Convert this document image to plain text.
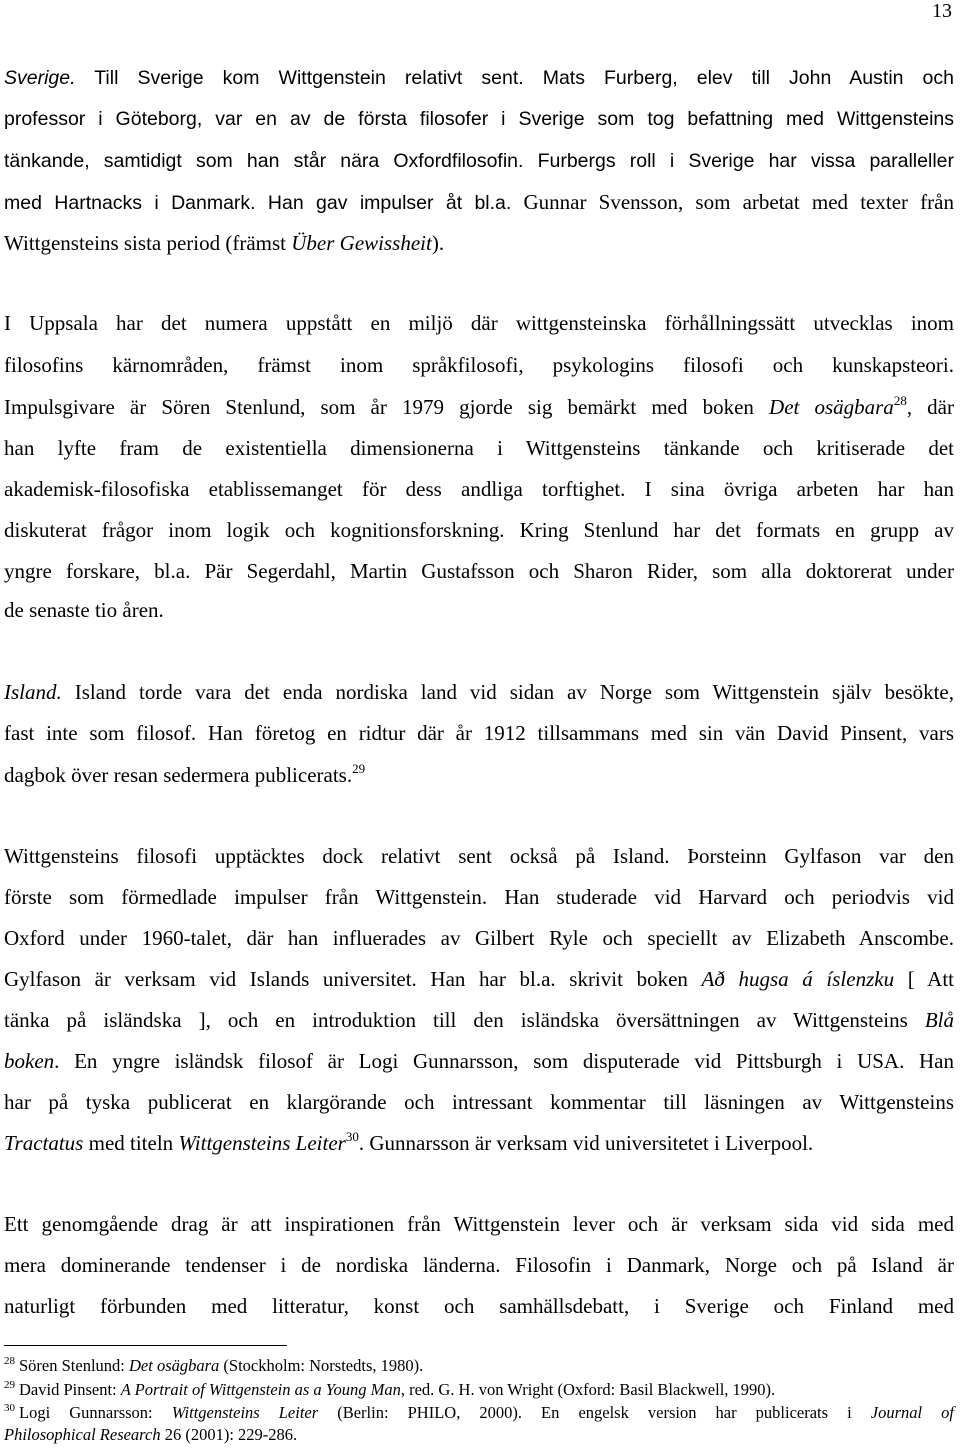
13
Sverige. Till Sverige kom Wittgenstein relativt sent. Mats Furberg, elev till John Austin och
professor i Göteborg, var en av de första filosofer i Sverige som tog befattning med Wittgensteins
tänkande, samtidigt som han står nära Oxfordfilosofin. Furbergs roll i Sverige har vissa paralleller
med Hartnacks i Danmark. Han gav impulser åt bl.a. Gunnar Svensson, som arbetat med texter från
Wittgensteins sista period (främst Über Gewissheit).
I Uppsala har det numera uppstått en miljö där wittgensteinska förhållningssätt utvecklas inom
filosofins kärnområden, främst inom språkfilosofi, psykologins filosofi och kunskapsteori.
Impulsgivare är Sören Stenlund, som år 1979 gjorde sig bemärkt med boken Det osägbara$^{28}$, där
han lyfte fram de existentiella dimensionerna i Wittgensteins tänkande och kritiserade det
akademisk-filosofiska etablissemanget för dess andliga torftighet. I sina övriga arbeten har han
diskuterat frågor inom logik och kognitionsforskning. Kring Stenlund har det formats en grupp av
yngre forskare, bl.a. Pär Segerdahl, Martin Gustafsson och Sharon Rider, som alla doktorerat under
de senaste tio åren.
Island. Island torde vara det enda nordiska land vid sidan av Norge som Wittgenstein själv besökte,
fast inte som filosof. Han företog en ridtur där år 1912 tillsammans med sin vän David Pinsent, vars
dagbok över resan sedermera publicerats.$^{29}$
Wittgensteins filosofi upptäcktes dock relativt sent också på Island. Þorsteinn Gylfason var den
förste som förmedlade impulser från Wittgenstein. Han studerade vid Harvard och periodvis vid
Oxford under 1960-talet, där han influerades av Gilbert Ryle och speciellt av Elizabeth Anscombe.
Gylfason är verksam vid Islands universitet. Han har bl.a. skrivit boken Að hugsa á íslenzku [ Att
tänka på isländska ], och en introduktion till den isländska översättningen av Wittgensteins Blå
boken. En yngre isländsk filosof är Logi Gunnarsson, som disputerade vid Pittsburgh i USA. Han
har på tyska publicerat en klargörande och intressant kommentar till läsningen av Wittgensteins
Tractatus med titeln Wittgensteins Leiter$^{30}$. Gunnarsson är verksam vid universitetet i Liverpool.
Ett genomgående drag är att inspirationen från Wittgenstein lever och är verksam sida vid sida med
mera dominerande tendenser i de nordiska länderna. Filosofin i Danmark, Norge och på Island är
naturligt förbunden med litteratur, konst och samhällsdebatt, i Sverige och Finland med
$^{28}$ Sören Stenlund: Det osägbara (Stockholm: Norstedts, 1980).
$^{29}$ David Pinsent: A Portrait of Wittgenstein as a Young Man, red. G. H. von Wright (Oxford: Basil Blackwell, 1990).
$^{30}$ Logi Gunnarsson: Wittgensteins Leiter (Berlin: PHILO, 2000). En engelsk version har publicerats i Journal of
Philosophical Research 26 (2001): 229-286.
